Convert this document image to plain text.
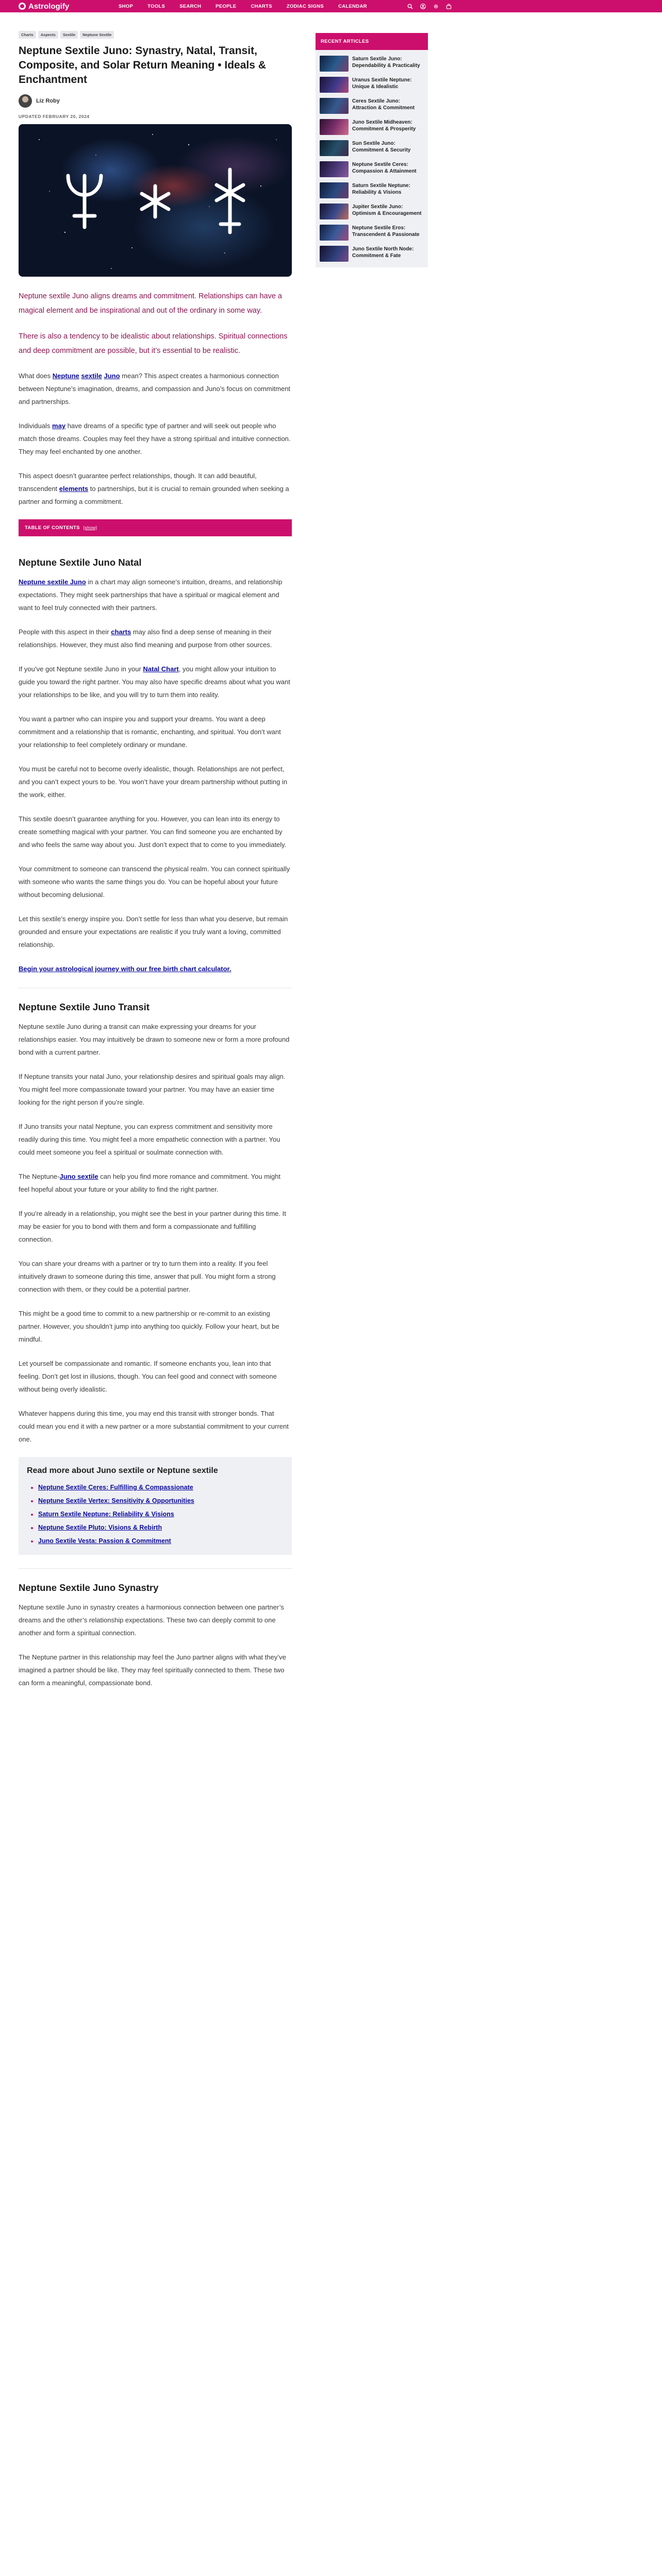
Astrologify	SHOP	TOOLS	SEARCH	PEOPLE	CHARTS	ZODIAC SIGNS	CALENDAR
Charts	Aspects	Sextile	Neptune Sextile
Neptune Sextile Juno: Synastry, Natal, Transit, Composite, and Solar Return Meaning • Ideals & Enchantment
Liz Roby
UPDATED FEBRUARY 20, 2024

Neptune sextile Juno aligns dreams and commitment. Relationships can have a magical element and be inspirational and out of the ordinary in some way.

There is also a tendency to be idealistic about relationships. Spiritual connections and deep commitment are possible, but it’s essential to be realistic.

What does Neptune sextile Juno mean? This aspect creates a harmonious connection between Neptune’s imagination, dreams, and compassion and Juno’s focus on commitment and partnerships.

Individuals may have dreams of a specific type of partner and will seek out people who match those dreams. Couples may feel they have a strong spiritual and intuitive connection. They may feel enchanted by one another.

This aspect doesn’t guarantee perfect relationships, though. It can add beautiful, transcendent elements to partnerships, but it is crucial to remain grounded when seeking a partner and forming a commitment.

TABLE OF CONTENTS [show]
Neptune Sextile Juno Natal

Neptune sextile Juno in a chart may align someone’s intuition, dreams, and relationship expectations. They might seek partnerships that have a spiritual or magical element and want to feel truly connected with their partners.

People with this aspect in their charts may also find a deep sense of meaning in their relationships. However, they must also find meaning and purpose from other sources.

If you’ve got Neptune sextile Juno in your Natal Chart, you might allow your intuition to guide you toward the right partner. You may also have specific dreams about what you want your relationships to be like, and you will try to turn them into reality.

You want a partner who can inspire you and support your dreams. You want a deep commitment and a relationship that is romantic, enchanting, and spiritual. You don’t want your relationship to feel completely ordinary or mundane.

You must be careful not to become overly idealistic, though. Relationships are not perfect, and you can’t expect yours to be. You won’t have your dream partnership without putting in the work, either.

This sextile doesn’t guarantee anything for you. However, you can lean into its energy to create something magical with your partner. You can find someone you are enchanted by and who feels the same way about you. Just don’t expect that to come to you immediately.

Your commitment to someone can transcend the physical realm. You can connect spiritually with someone who wants the same things you do. You can be hopeful about your future without becoming delusional.

Let this sextile’s energy inspire you. Don’t settle for less than what you deserve, but remain grounded and ensure your expectations are realistic if you truly want a loving, committed relationship.

Begin your astrological journey with our free birth chart calculator.

Neptune Sextile Juno Transit

Neptune sextile Juno during a transit can make expressing your dreams for your relationships easier. You may intuitively be drawn to someone new or form a more profound bond with a current partner.

If Neptune transits your natal Juno, your relationship desires and spiritual goals may align. You might feel more compassionate toward your partner. You may have an easier time looking for the right person if you’re single.

If Juno transits your natal Neptune, you can express commitment and sensitivity more readily during this time. You might feel a more empathetic connection with a partner. You could meet someone you feel a spiritual or soulmate connection with.

The Neptune-Juno sextile can help you find more romance and commitment. You might feel hopeful about your future or your ability to find the right partner.

If you’re already in a relationship, you might see the best in your partner during this time. It may be easier for you to bond with them and form a compassionate and fulfilling connection.

You can share your dreams with a partner or try to turn them into a reality. If you feel intuitively drawn to someone during this time, answer that pull. You might form a strong connection with them, or they could be a potential partner.

This might be a good time to commit to a new partnership or re-commit to an existing partner. However, you shouldn’t jump into anything too quickly. Follow your heart, but be mindful.

Let yourself be compassionate and romantic. If someone enchants you, lean into that feeling. Don’t get lost in illusions, though. You can feel good and connect with someone without being overly idealistic.

Whatever happens during this time, you may end this transit with stronger bonds. That could mean you end it with a new partner or a more substantial commitment to your current one.

Read more about Juno sextile or Neptune sextile
• Neptune Sextile Ceres: Fulfilling & Compassionate
• Neptune Sextile Vertex: Sensitivity & Opportunities
• Saturn Sextile Neptune: Reliability & Visions
• Neptune Sextile Pluto: Visions & Rebirth
• Juno Sextile Vesta: Passion & Commitment
Neptune Sextile Juno Synastry

Neptune sextile Juno in synastry creates a harmonious connection between one partner’s dreams and the other’s relationship expectations. These two can deeply commit to one another and form a spiritual connection.

The Neptune partner in this relationship may feel the Juno partner aligns with what they’ve imagined a partner should be like. They may feel spiritually connected to them. These two can form a meaningful, compassionate bond.

RECENT ARTICLES
Saturn Sextile Juno: Dependability & Practicality
Uranus Sextile Neptune: Unique & Idealistic
Ceres Sextile Juno: Attraction & Commitment
Juno Sextile Midheaven: Commitment & Prosperity
Sun Sextile Juno: Commitment & Security
Neptune Sextile Ceres: Compassion & Attainment
Saturn Sextile Neptune: Reliability & Visions
Jupiter Sextile Juno: Optimism & Encouragement
Neptune Sextile Eros: Transcendent & Passionate
Juno Sextile North Node: Commitment & Fate
